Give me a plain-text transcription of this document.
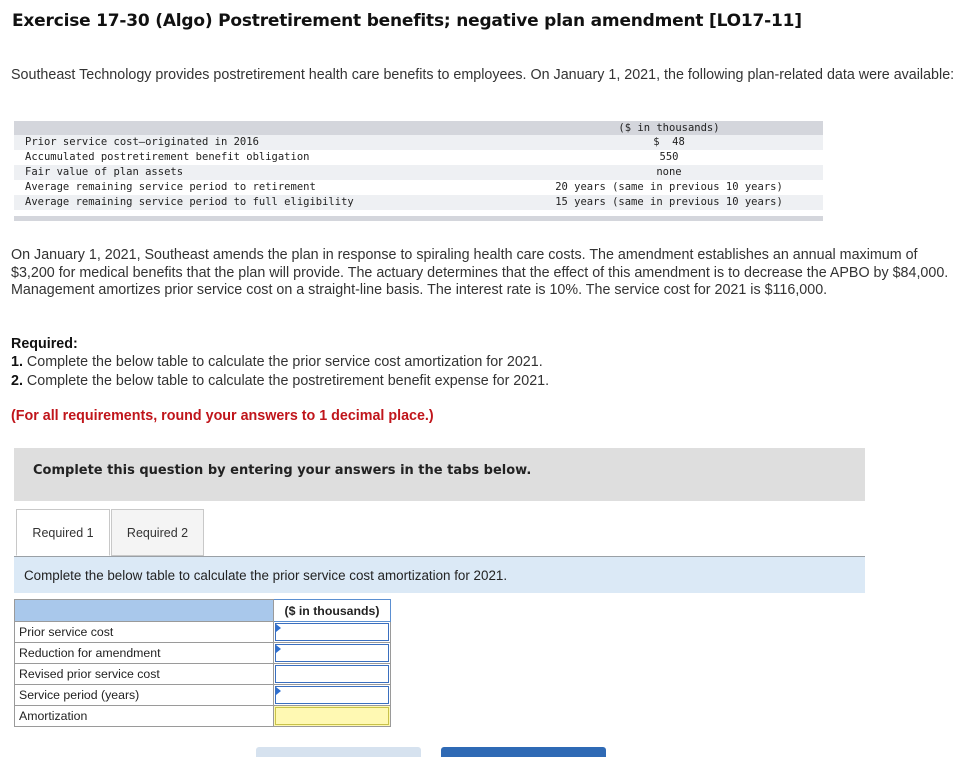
Exercise 17-30 (Algo) Postretirement benefits; negative plan amendment [LO17-11]
Southeast Technology provides postretirement health care benefits to employees. On January 1, 2021, the following plan-related data were available:
($ in thousands)
Prior service cost—originated in 2016	$  48
Accumulated postretirement benefit obligation	550
Fair value of plan assets	none
Average remaining service period to retirement	20 years (same in previous 10 years)
Average remaining service period to full eligibility	15 years (same in previous 10 years)
On January 1, 2021, Southeast amends the plan in response to spiraling health care costs. The amendment establishes an annual maximum of $3,200 for medical benefits that the plan will provide. The actuary determines that the effect of this amendment is to decrease the APBO by $84,000. Management amortizes prior service cost on a straight-line basis. The interest rate is 10%. The service cost for 2021 is $116,000.
Required:
1. Complete the below table to calculate the prior service cost amortization for 2021.
2. Complete the below table to calculate the postretirement benefit expense for 2021.
(For all requirements, round your answers to 1 decimal place.)
Complete this question by entering your answers in the tabs below.
Required 1	Required 2
Complete the below table to calculate the prior service cost amortization for 2021.
	($ in thousands)
Prior service cost	

Reduction for amendment	

Revised prior service cost	

Service period (years)	

Amortization	
